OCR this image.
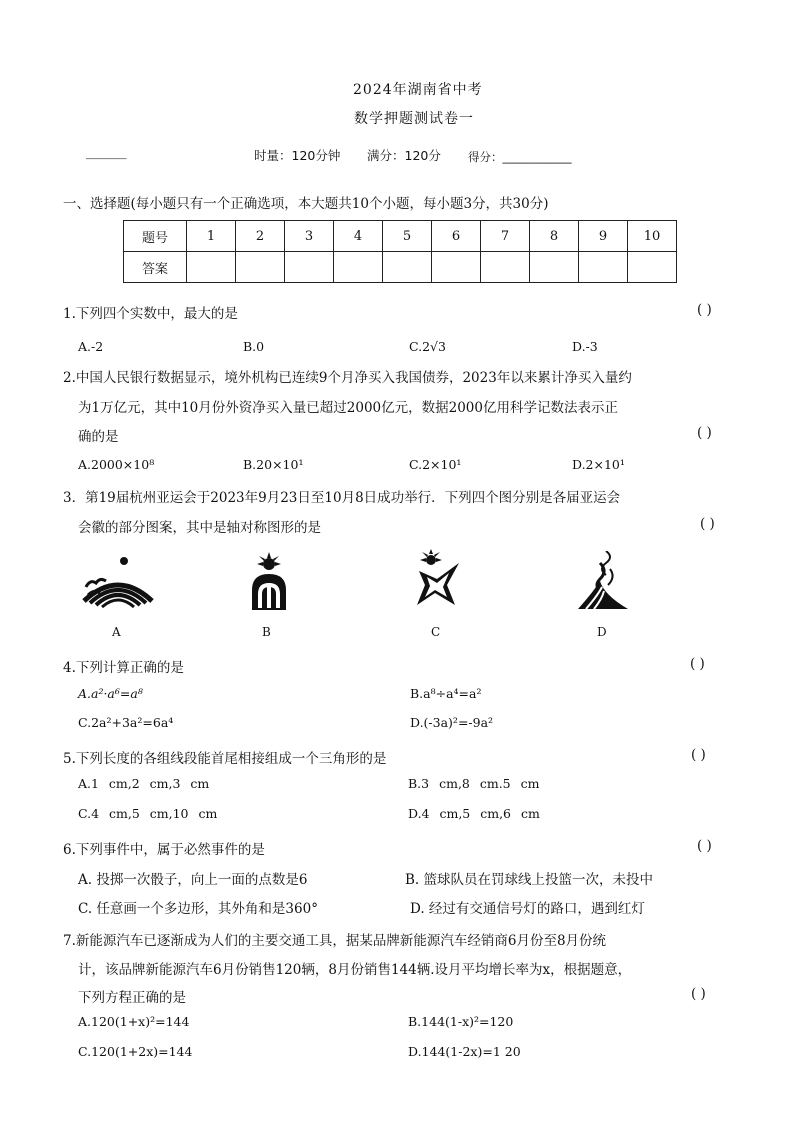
2024年湖南省中考
数学押题测试卷一
______	时量：120分钟 满分：120分 得分：____________
一、选择题(每小题只有一个正确选项，本大题共10个小题，每小题3分，共30分)
题号	1	2	3	4	5	6	7	8	9	10
答案										
1.下列四个实数中，最大的是	( )
A.-2	B.0	C.2√3	D.-3
2.中国人民银行数据显示，境外机构已连续9个月净买入我国债券，2023年以来累计净买入量约
为1万亿元，其中10月份外资净买入量已超过2000亿元，数据2000亿用科学记数法表示正
确的是	( )
A.2000×10⁸	B.20×10¹	C.2×10¹	D.2×10¹
3．第19届杭州亚运会于2023年9月23日至10月8日成功举行．下列四个图分别是各届亚运会
会徽的部分图案，其中是轴对称图形的是	( )
A	B	C	D
4.下列计算正确的是	( )
A.a²·a⁶=a⁸	B.a⁸÷a⁴=a²
C.2a²+3a²=6a⁴	D.(-3a)²=-9a²
5.下列长度的各组线段能首尾相接组成一个三角形的是	( )
A.1 cm,2 cm,3 cm	B.3 cm,8 cm.5 cm
C.4 cm,5 cm,10 cm	D.4 cm,5 cm,6 cm
6.下列事件中，属于必然事件的是	( )
A. 投掷一次骰子，向上一面的点数是6	B. 篮球队员在罚球线上投篮一次，未投中
C. 任意画一个多边形，其外角和是360°	D. 经过有交通信号灯的路口，遇到红灯
7.新能源汽车已逐渐成为人们的主要交通工具，据某品牌新能源汽车经销商6月份至8月份统
计，该品牌新能源汽车6月份销售120辆，8月份销售144辆.设月平均增长率为x，根据题意，
下列方程正确的是	( )
A.120(1+x)²=144	B.144(1-x)²=120
C.120(1+2x)=144	D.144(1-2x)=1 20
